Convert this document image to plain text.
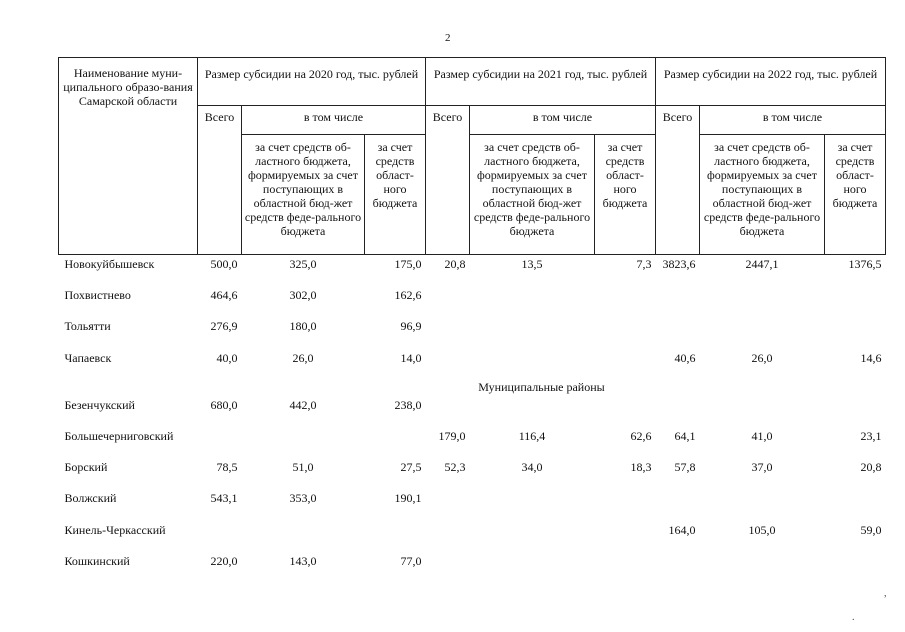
2
Наименование муни-ципального образо-вания Самарской области	Размер субсидии на 2020 год, тыс. рублей			Размер субсидии на 2021 год, тыс. рублей			Размер субсидии на 2022 год, тыс. рублей		
	Всего	в том числе		Всего	в том числе		Всего	в том числе	
		за счет средств об-ластного бюджета, формируемых за счет поступающих в областной бюд-жет средств феде-рального бюджета	за счет средств област-ного бюджета		за счет средств об-ластного бюджета, формируемых за счет поступающих в областной бюд-жет средств феде-рального бюджета	за счет средств област-ного бюджета		за счет средств об-ластного бюджета, формируемых за счет поступающих в областной бюд-жет средств феде-рального бюджета	за счет средств област-ного бюджета
Новокуйбышевск	500,0	325,0	175,0	20,8	13,5	7,3	3823,6	2447,1	1376,5
Похвистнево	464,6	302,0	162,6						
Тольятти	276,9	180,0	96,9						
Чапаевск	40,0	26,0	14,0				40,6	26,0	14,6
	Муниципальные районы								
Безенчукский	680,0	442,0	238,0						
Большечерниговский				179,0	116,4	62,6	64,1	41,0	23,1
Борский	78,5	51,0	27,5	52,3	34,0	18,3	57,8	37,0	20,8
Волжский	543,1	353,0	190,1						
Кинель-Черкасский							164,0	105,0	59,0
Кошкинский	220,0	143,0	77,0						
,
.
